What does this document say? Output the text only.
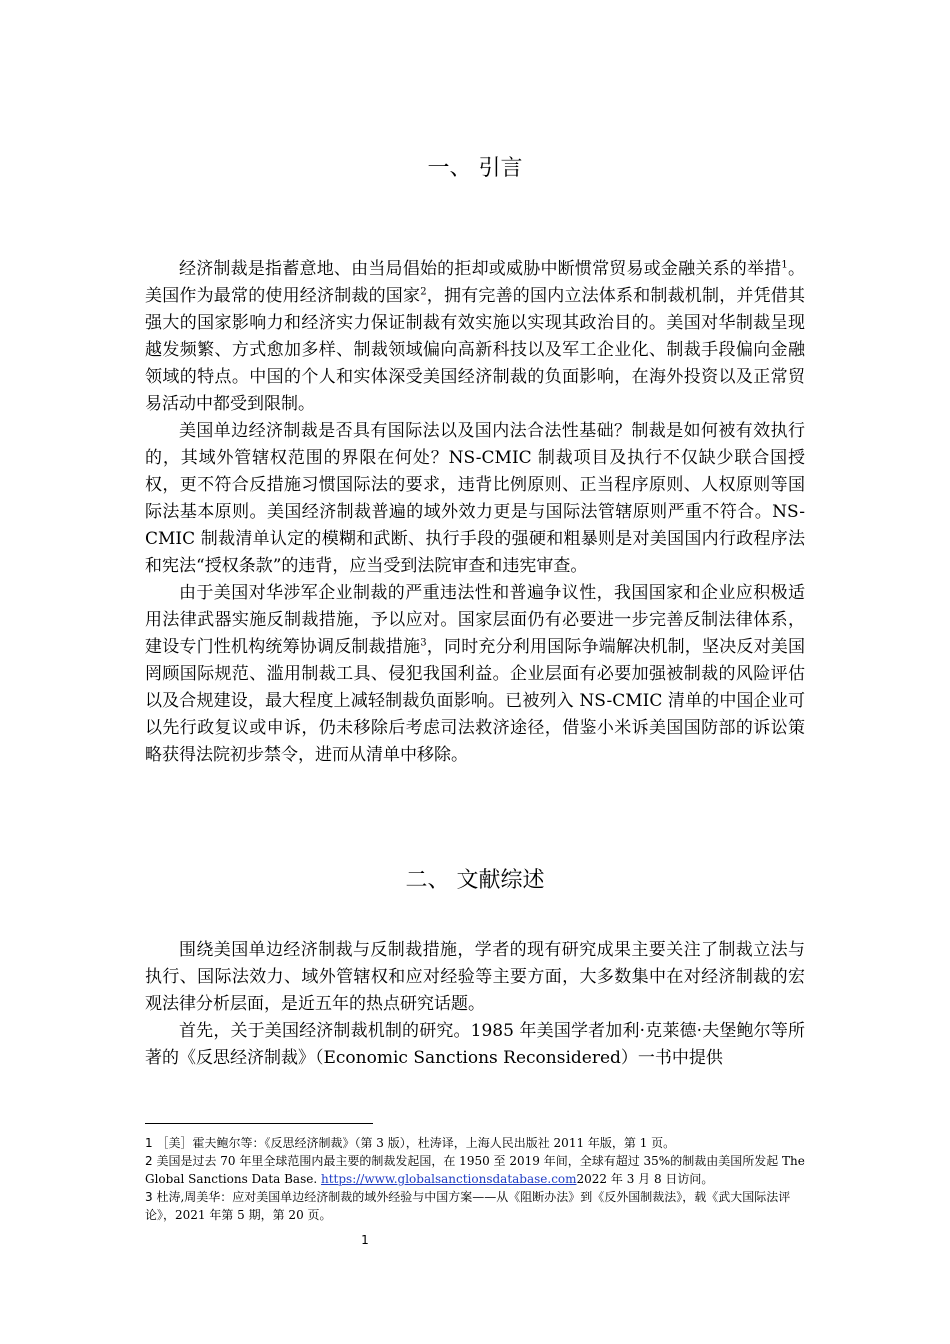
一、 引言

经济制裁是指蓄意地、由当局倡始的拒却或威胁中断惯常贸易或金融关系的举措$^1$。美国作为最常的使用经济制裁的国家$^2$，拥有完善的国内立法体系和制裁机制，并凭借其强大的国家影响力和经济实力保证制裁有效实施以实现其政治目的。美国对华制裁呈现越发频繁、方式愈加多样、制裁领域偏向高新科技以及军工企业化、制裁手段偏向金融领域的特点。中国的个人和实体深受美国经济制裁的负面影响，在海外投资以及正常贸易活动中都受到限制。

美国单边经济制裁是否具有国际法以及国内法合法性基础？制裁是如何被有效执行的，其域外管辖权范围的界限在何处？NS-CMIC 制裁项目及执行不仅缺少联合国授权，更不符合反措施习惯国际法的要求，违背比例原则、正当程序原则、人权原则等国际法基本原则。美国经济制裁普遍的域外效力更是与国际法管辖原则严重不符合。NS-CMIC 制裁清单认定的模糊和武断、执行手段的强硬和粗暴则是对美国国内行政程序法和宪法“授权条款”的违背，应当受到法院审查和违宪审查。

由于美国对华涉军企业制裁的严重违法性和普遍争议性，我国国家和企业应积极适用法律武器实施反制裁措施，予以应对。国家层面仍有必要进一步完善反制法律体系，建设专门性机构统筹协调反制裁措施$^3$，同时充分利用国际争端解决机制，坚决反对美国罔顾国际规范、滥用制裁工具、侵犯我国利益。企业层面有必要加强被制裁的风险评估以及合规建设，最大程度上减轻制裁负面影响。已被列入 NS-CMIC 清单的中国企业可以先行政复议或申诉，仍未移除后考虑司法救济途径，借鉴小米诉美国国防部的诉讼策略获得法院初步禁令，进而从清单中移除。

二、 文献综述

围绕美国单边经济制裁与反制裁措施，学者的现有研究成果主要关注了制裁立法与执行、国际法效力、域外管辖权和应对经验等主要方面，大多数集中在对经济制裁的宏观法律分析层面，是近五年的热点研究话题。

首先，关于美国经济制裁机制的研究。1985 年美国学者加利·克莱德·夫堡鲍尔等所著的《反思经济制裁》（Economic Sanctions Reconsidered）一书中提供

1 ［美］霍夫鲍尔等：《反思经济制裁》（第 3 版），杜涛译，上海人民出版社 2011 年版，第 1 页。

2 美国是过去 70 年里全球范围内最主要的制裁发起国，在 1950 至 2019 年间，全球有超过 35%的制裁由美国所发起 The Global Sanctions Data Base. https://www.globalsanctionsdatabase.com2022 年 3 月 8 日访问。

3 杜涛,周美华：应对美国单边经济制裁的域外经验与中国方案——从《阻断办法》到《反外国制裁法》，载《武大国际法评论》，2021 年第 5 期，第 20 页。

1
